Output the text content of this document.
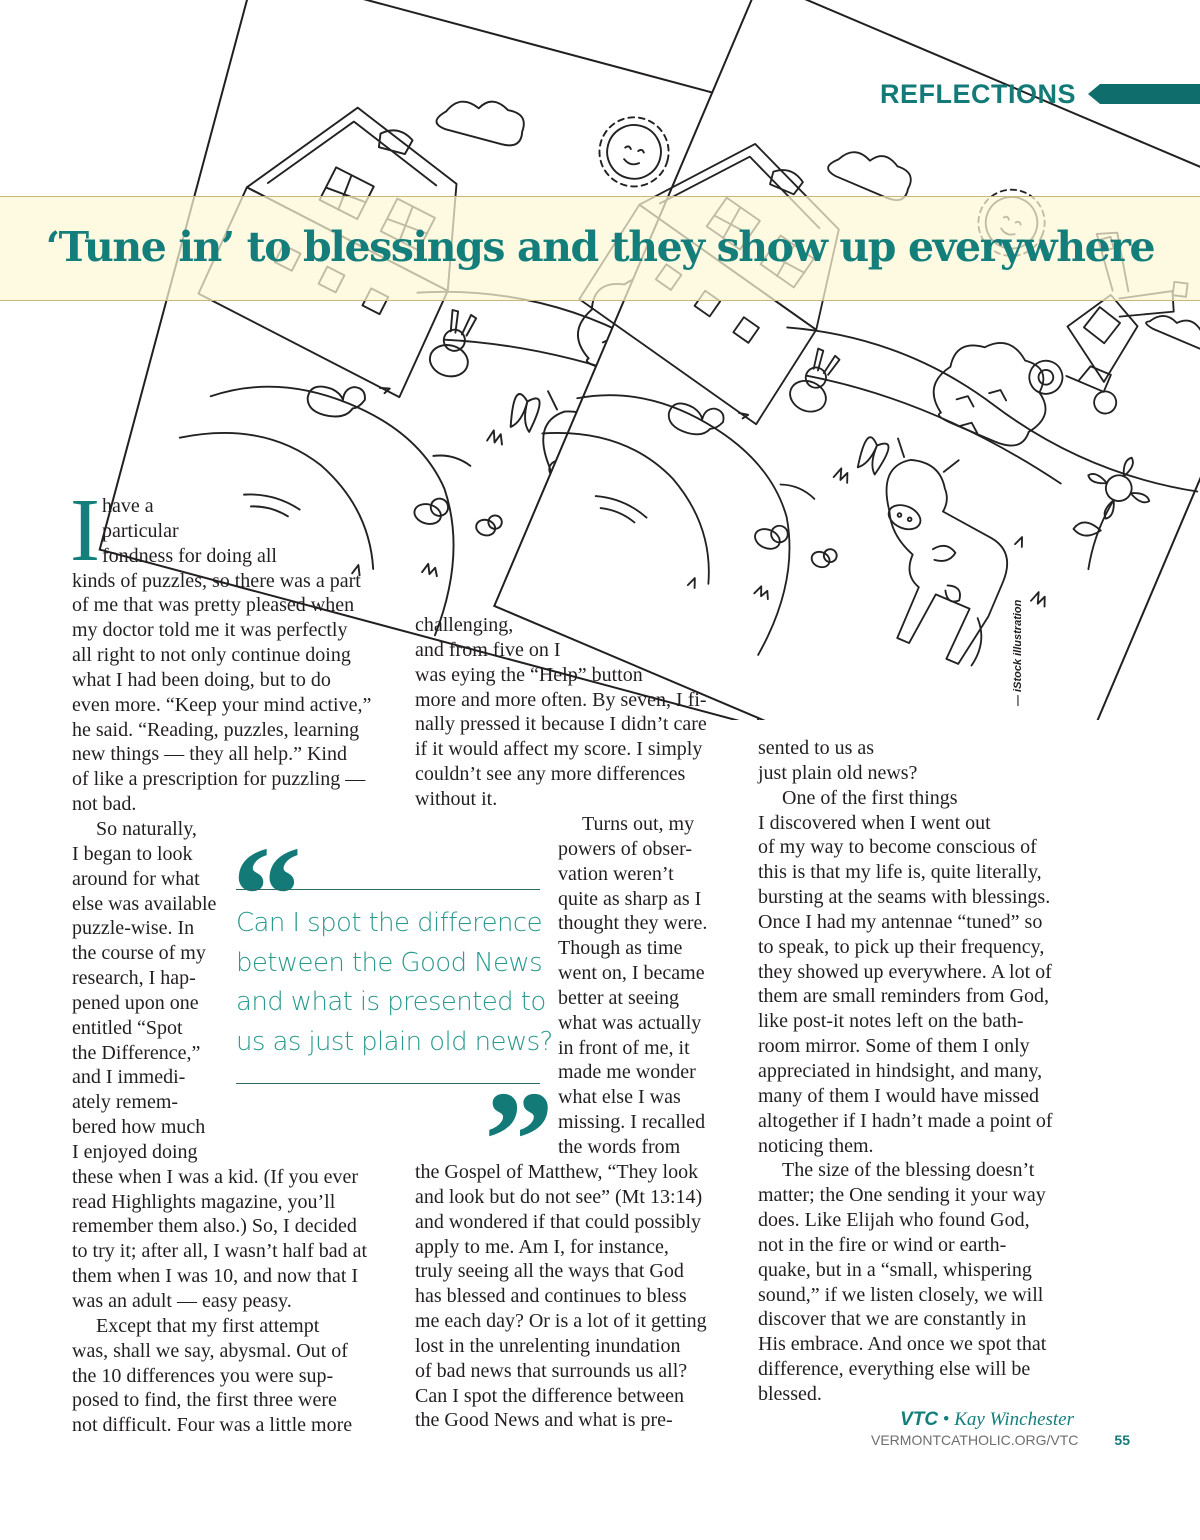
REFLECTIONS
‘Tune in’ to blessings and they show up everywhere
— iStock illustration
I have a
particular
fondness for doing all
kinds of puzzles, so there was a part
of me that was pretty pleased when
my doctor told me it was perfectly
all right to not only continue doing
what I had been doing, but to do
even more. “Keep your mind active,”
he said. “Reading, puzzles, learning
new things — they all help.” Kind
of like a prescription for puzzling —
not bad.
So naturally,
I began to look
around for what
else was available
puzzle-wise. In
the course of my
research, I hap-
pened upon one
entitled “Spot
the Difference,”
and I immedi-
ately remem-
bered how much
I enjoyed doing
these when I was a kid. (If you ever
read Highlights magazine, you’ll
remember them also.) So, I decided
to try it; after all, I wasn’t half bad at
them when I was 10, and now that I
was an adult — easy peasy.
Except that my first attempt
was, shall we say, abysmal. Out of
the 10 differences you were sup-
posed to find, the first three were
not difficult. Four was a little more
challenging,
and from five on I
was eying the “Help” button
more and more often. By seven, I fi-
nally pressed it because I didn’t care
if it would affect my score. I simply
couldn’t see any more differences
without it.
Turns out, my
powers of obser-
vation weren’t
quite as sharp as I
thought they were.
Though as time
went on, I became
better at seeing
what was actually
in front of me, it
made me wonder
what else I was
missing. I recalled
the words from
the Gospel of Matthew, “They look
and look but do not see” (Mt 13:14)
and wondered if that could possibly
apply to me. Am I, for instance,
truly seeing all the ways that God
has blessed and continues to bless
me each day? Or is a lot of it getting
lost in the unrelenting inundation
of bad news that surrounds us all?
Can I spot the difference between
the Good News and what is pre-
sented to us as
just plain old news?
One of the first things
I discovered when I went out
of my way to become conscious of
this is that my life is, quite literally,
bursting at the seams with blessings.
Once I had my antennae “tuned” so
to speak, to pick up their frequency,
they showed up everywhere. A lot of
them are small reminders from God,
like post-it notes left on the bath-
room mirror. Some of them I only
appreciated in hindsight, and many,
many of them I would have missed
altogether if I hadn’t made a point of
noticing them.
The size of the blessing doesn’t
matter; the One sending it your way
does. Like Elijah who found God,
not in the fire or wind or earth-
quake, but in a “small, whispering
sound,” if we listen closely, we will
discover that we are constantly in
His embrace. And once we spot that
difference, everything else will be
blessed.
“
Can I spot the difference
between the Good News
and what is presented to
us as just plain old news?
”
VTC • Kay Winchester
VERMONTCATHOLIC.ORG/VTC	55
